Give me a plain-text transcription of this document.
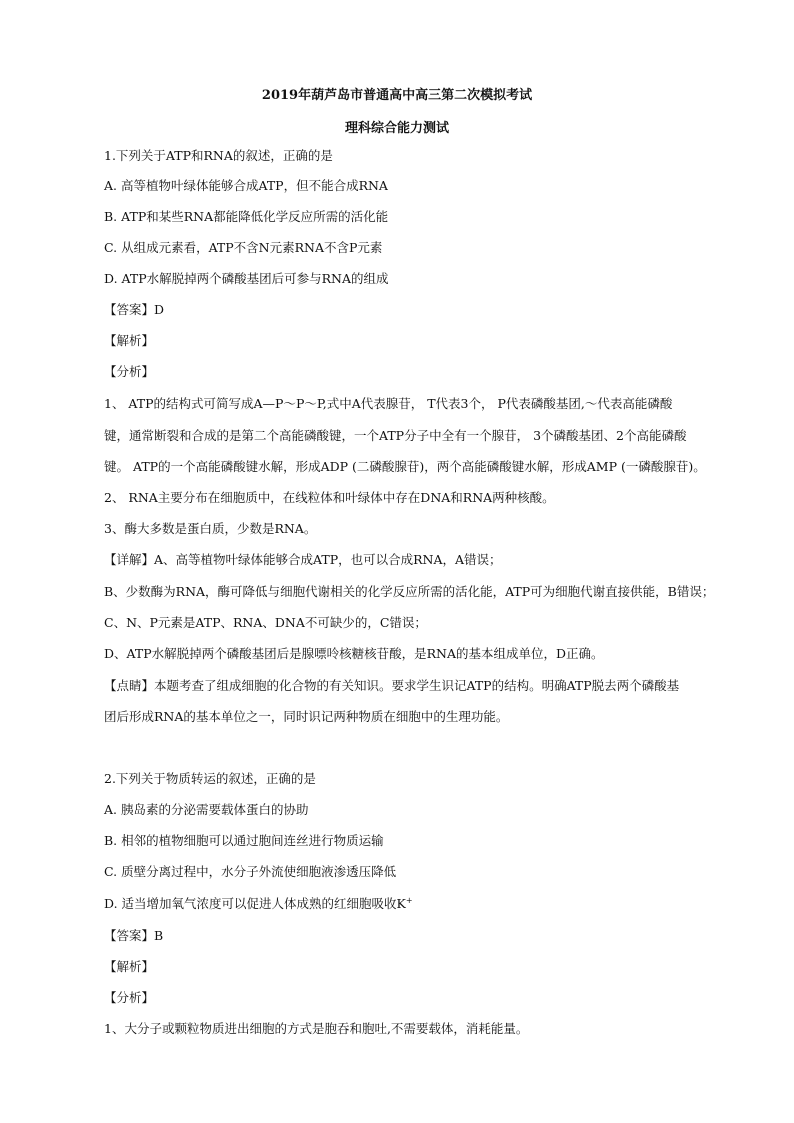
2019年葫芦岛市普通高中高三第二次模拟考试
理科综合能力测试
1.下列关于ATP和RNA的叙述，正确的是
A. 高等植物叶绿体能够合成ATP，但不能合成RNA
B. ATP和某些RNA都能降低化学反应所需的活化能
C. 从组成元素看，ATP不含N元素RNA不含P元素
D. ATP水解脱掉两个磷酸基团后可参与RNA的组成
【答案】D
【解析】
【分析】
1、 ATP的结构式可简写成A—P～P～P,式中A代表腺苷， T代表3个， P代表磷酸基团,～代表高能磷酸
键，通常断裂和合成的是第二个高能磷酸键，一个ATP分子中全有一个腺苷， 3个磷酸基团、2个高能磷酸
键。 ATP的一个高能磷酸键水解，形成ADP (二磷酸腺苷)，两个高能磷酸键水解，形成AMP (一磷酸腺苷)。
2、 RNA主要分布在细胞质中，在线粒体和叶绿体中存在DNA和RNA两种核酸。
3、酶大多数是蛋白质，少数是RNA。
【详解】A、高等植物叶绿体能够合成ATP，也可以合成RNA，A错误；
B、少数酶为RNA，酶可降低与细胞代谢相关的化学反应所需的活化能，ATP可为细胞代谢直接供能，B错误；
C、N、P元素是ATP、RNA、DNA不可缺少的，C错误；
D、ATP水解脱掉两个磷酸基团后是腺嘌呤核糖核苷酸，是RNA的基本组成单位，D正确。
【点睛】本题考查了组成细胞的化合物的有关知识。要求学生识记ATP的结构。明确ATP脱去两个磷酸基
团后形成RNA的基本单位之一，同时识记两种物质在细胞中的生理功能。
2.下列关于物质转运的叙述，正确的是
A. 胰岛素的分泌需要载体蛋白的协助
B. 相邻的植物细胞可以通过胞间连丝进行物质运输
C. 质壁分离过程中，水分子外流使细胞液渗透压降低
D. 适当增加氧气浓度可以促进人体成熟的红细胞吸收K+
【答案】B
【解析】
【分析】
1、大分子或颗粒物质进出细胞的方式是胞吞和胞吐,不需要载体，消耗能量。
